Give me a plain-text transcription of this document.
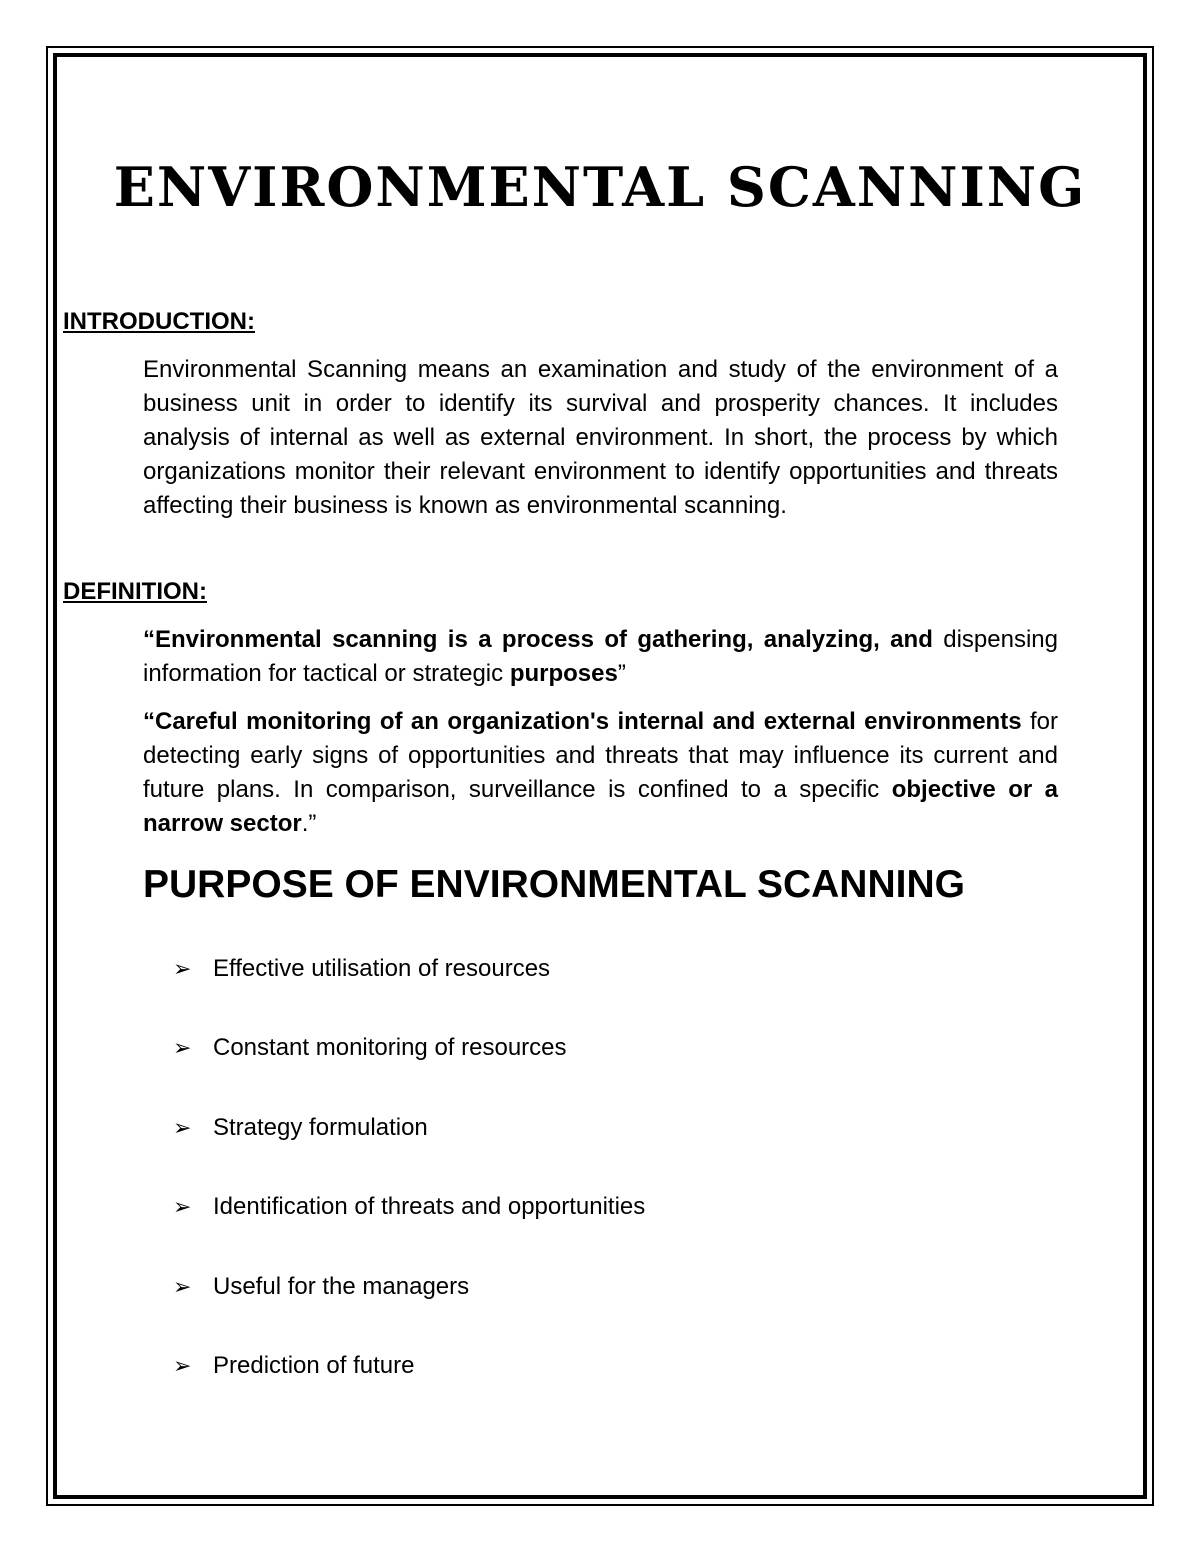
ENVIRONMENTAL SCANNING
INTRODUCTION:

Environmental Scanning means an examination and study of the environment of a business unit in order to identify its survival and prosperity chances. It includes analysis of internal as well as external environment. In short, the process by which organizations monitor their relevant environment to identify opportunities and threats affecting their business is known as environmental scanning.

DEFINITION:

“Environmental scanning is a process of gathering, analyzing, and dispensing information for tactical or strategic purposes”

“Careful monitoring of an organization's internal and external environments for detecting early signs of opportunities and threats that may influence its current and future plans. In comparison, surveillance is confined to a specific objective or a narrow sector.”

PURPOSE OF ENVIRONMENTAL SCANNING
➢ Effective utilisation of resources
➢ Constant monitoring of resources
➢ Strategy formulation
➢ Identification of threats and opportunities
➢ Useful for the managers
➢ Prediction of future
